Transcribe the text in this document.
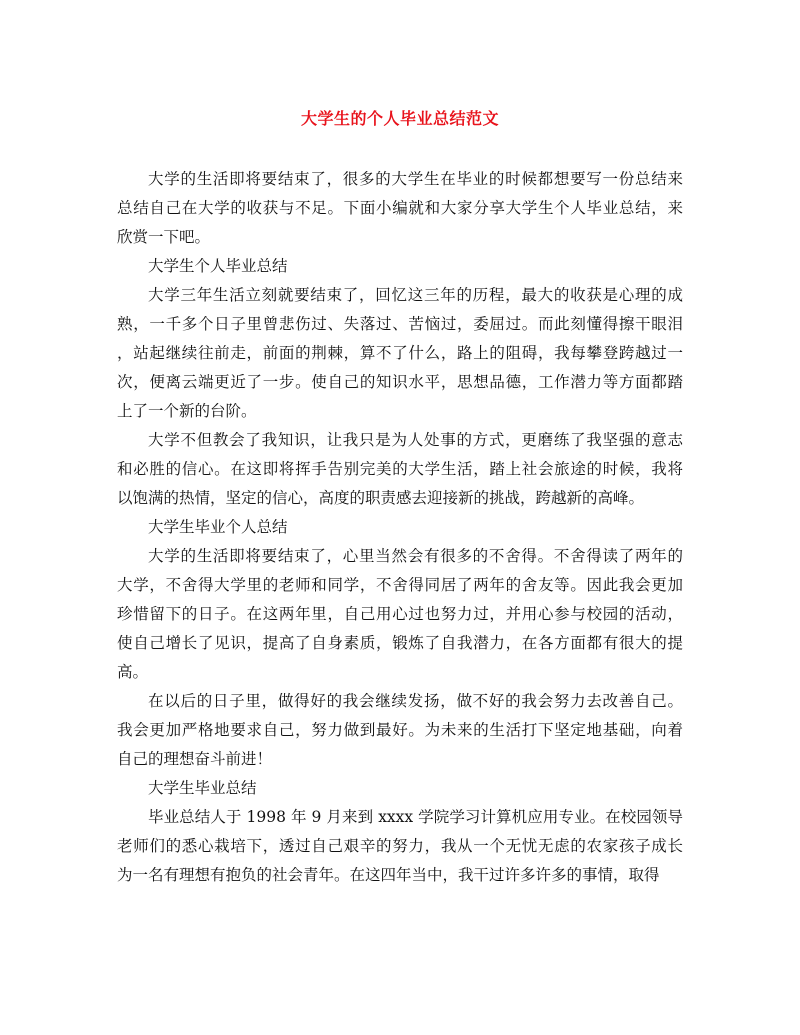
大学生的个人毕业总结范文
大学的生活即将要结束了，很多的大学生在毕业的时候都想要写一份总结来
总结自己在大学的收获与不足。下面小编就和大家分享大学生个人毕业总结，来
欣赏一下吧。
大学生个人毕业总结
大学三年生活立刻就要结束了，回忆这三年的历程，最大的收获是心理的成
熟，一千多个日子里曾悲伤过、失落过、苦恼过，委屈过。而此刻懂得擦干眼泪
，站起继续往前走，前面的荆棘，算不了什么，路上的阻碍，我每攀登跨越过一
次，便离云端更近了一步。使自己的知识水平，思想品德，工作潜力等方面都踏
上了一个新的台阶。
大学不但教会了我知识，让我只是为人处事的方式，更磨练了我坚强的意志
和必胜的信心。在这即将挥手告别完美的大学生活，踏上社会旅途的时候，我将
以饱满的热情，坚定的信心，高度的职责感去迎接新的挑战，跨越新的高峰。
大学生毕业个人总结
大学的生活即将要结束了，心里当然会有很多的不舍得。不舍得读了两年的
大学，不舍得大学里的老师和同学，不舍得同居了两年的舍友等。因此我会更加
珍惜留下的日子。在这两年里，自己用心过也努力过，并用心参与校园的活动，
使自己增长了见识，提高了自身素质，锻炼了自我潜力，在各方面都有很大的提
高。
在以后的日子里，做得好的我会继续发扬，做不好的我会努力去改善自己。
我会更加严格地要求自己，努力做到最好。为未来的生活打下坚定地基础，向着
自己的理想奋斗前进！
大学生毕业总结
毕业总结人于 1998 年 9 月来到 xxxx 学院学习计算机应用专业。在校园领导
老师们的悉心栽培下，透过自己艰辛的努力，我从一个无忧无虑的农家孩子成长
为一名有理想有抱负的社会青年。在这四年当中，我干过许多许多的事情，取得
